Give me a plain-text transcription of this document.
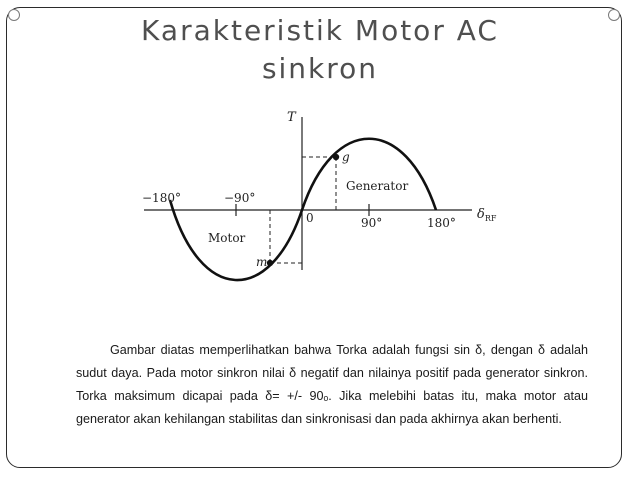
Karakteristik Motor AC
sinkron
T
$\delta_{RF}$
−180°	−90°
0	90°	180°
Generator
Motor
g
m
Gambar diatas memperlihatkan bahwa Torka adalah fungsi sin δ, dengan δ adalah sudut daya. Pada motor sinkron nilai δ negatif dan nilainya positif pada generator sinkron. Torka maksimum dicapai pada δ= +/- 90ₒ. Jika melebihi batas itu, maka motor atau generator akan kehilangan stabilitas dan sinkronisasi dan pada akhirnya akan berhenti.
